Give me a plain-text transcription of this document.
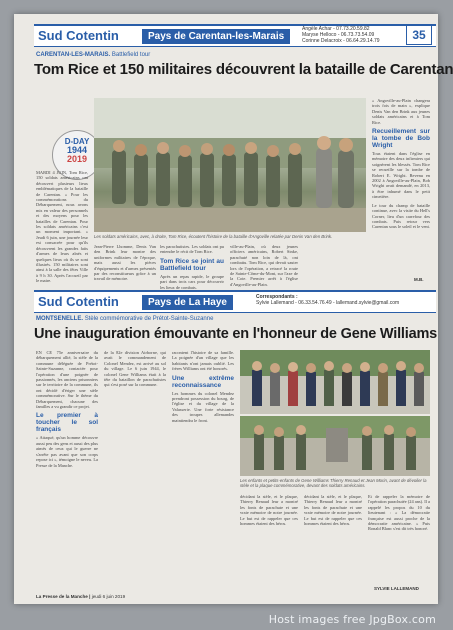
Sud Cotentin	Pays de Carentan-les-Marais
Angèle Achar - 07.73.20.59.82
Maryse Helloco - 06.73.73.54.09
Corinne Delacroix - 06.64.29.14.79	35
CARENTAN-LES-MARAIS. Battlefield tour
Tom Rice et 150 militaires découvrent la bataille de Carentan
D-DAY
1944
2019
MARDI 4 JUIN, Tom Rice, 150 soldats américains ont découvert plusieurs lieux emblématiques de la bataille de Carentan. « Pour les commémorations du Débarquement, nous avons mis en valeur des personnels et des moyens pour les batailles de Carentan. Pour les soldats américains c'est un moment important. » Jeudi 6 juin, une journée leur est consacrée pour qu'ils découvrent les grandes faits d'armes de leurs aînés et quelques lieux où ils se sont illustrés. 150 militaires sont ainsi à la salle des fêtes Ville à 9 h 30. Après l'accueil par le maire.
Les soldats américains, avec, à droite, Tom Rice, écoutent l'histoire de la bataille d'Angoville relatée par Denis Van den Brink.
Jean-Pierre Lhomme, Denis Van den Brink leur montre des uniformes militaires de l'époque, mais aussi les pièces d'équipements et d'armes présentés par des reconstitueurs grâce à un travail de mémoire.
les parachutistes. Les soldats ont pu entendre le récit de Tom Rice.
Tom Rice se joint au Battlefield tour
Après un repas rapide, le groupe part dans trois cars pour découvrir les lieux de combats.
ville-au-Plain, où deux jeunes officiers américains, Robert Sinke, parachuté non loin de là, ont combattu. Tom Rice, qui devait sauter lors de l'opération, a retracé la route de Sainte-Côme-du-Mont, sur l'axe de la Cote. Premier arrêt à l'église d'Angoville-au-Plain.
« Angoville-au-Plain changera trois fois de main », explique Denis Van den Brink aux jeunes soldats américains et à Tom Rice.
Recueillement sur la tombe de Bob Wright
Tous étaient dans l'église en mémoire des deux infirmiers qui soignèrent les blessés. Tom Rice se recueille sur la tombe de Robert E. Wright. Revenu en 2002 à Angoville-au-Plain, Bob Wright avait demandé, en 2013, à être inhumé dans le petit cimetière.
Le tour du champ de bataille continue, avec la visite du Hell's Corner, lieu d'un carrefour des combats. Puis retour vers Carentan sous le soleil et le vent.
M.B.
Sud Cotentin	Pays de La Haye	Correspondants :
Sylvie Lallemand - 06.33.54.76.49 - lallemand.sylvie@gmail.com
MONTSENELLE. Stèle commémorative de Prétot-Sainte-Suzanne
Une inauguration émouvante en l'honneur de Gene Williams
EN CE 75e anniversaire du débarquement allié, la stèle de la commune déléguée de Prétot-Sainte-Suzanne, contactée pour l'opération d'une poignée de passionnés, les anciens prisonniers sur le territoire de la commune, ils ont décidé d'ériger une stèle commémorative. Sur le thème du Débarquement, chacune des familles a vu grandir ce projet.
Le premier à toucher le sol français
« Attaqué, qu'un homme découvre aussi peu des gens et aussi des plus aimés de ceux qui le guerre ne s'arrête pas avant que son corps repose ici », témoigne le neveu. La Presse de la Manche.
de la 82e division Airborne, qui avait le commandement de Colonel Mendez, est arrivé au sol du village. Le 6 juin 1944, le colonel Gene Williams était à la tête du bataillon de parachutistes qui s'est posé sur la commune.
racontent l'histoire de sa famille. La poignée d'un village que les habitants n'ont jamais oublié. Les frères Williams ont été honorés.
Une extrême reconnaissance
Les hommes du colonel Mendez prendront possession du bourg, de l'église et du village de la Valasserie. Une forte résistance des troupes allemandes maintiendra le front.
Les enfants et petits-enfants de Gene Williams Thierry Renaud et Jean Morin, avant de dévoiler la stèle et la plaque commémorative, devant des soldats américains.
décidant la stèle, et le plaque, Thierry Renaud leur a montré les fonts de parachute et une vraie mémoire de notre journée. Le but est de rappeler que ces hommes étaient des héros.
décidant la stèle, et le plaque, Thierry Renaud leur a montré les fonts de parachute et une vraie mémoire de notre journée. Le but est de rappeler que ces hommes étaient des héros.
Et de rappeler la mémoire de l'opération parachutée (24 ans). Il a rappelé les propos du 10 du lieutenant : « La démocratie française est aussi proche de la démocratie américaine. » Puis Ronald Blanc s'est dit très honoré.
SYLVIE LALLEMAND
La Presse de la Manche | jeudi 6 juin 2019
Host images free JpgBox.com
